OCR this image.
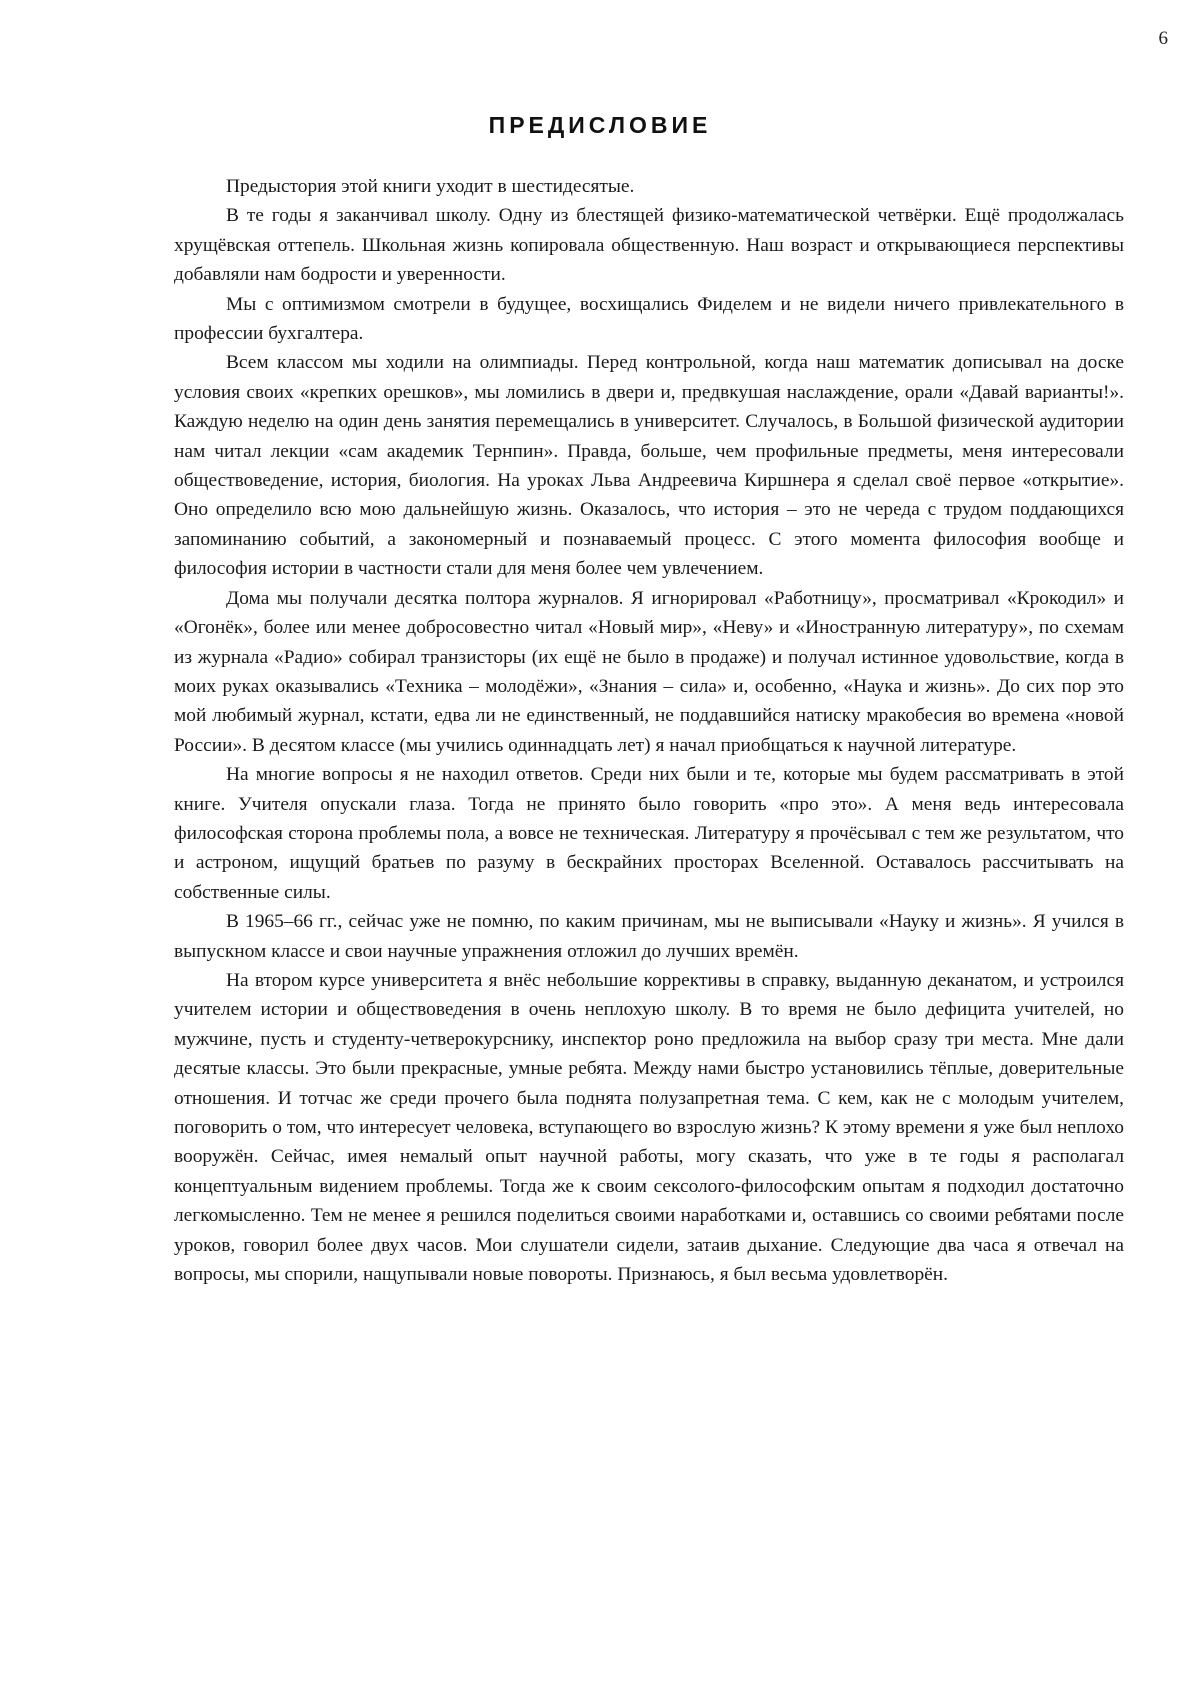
6
ПРЕДИСЛОВИЕ

Предыстория этой книги уходит в шестидесятые.

В те годы я заканчивал школу. Одну из блестящей физико-математической четвёрки. Ещё продолжалась хрущёвская оттепель. Школьная жизнь копировала общественную. Наш возраст и открывающиеся перспективы добавляли нам бодрости и уверенности.

Мы с оптимизмом смотрели в будущее, восхищались Фиделем и не видели ничего привлекательного в профессии бухгалтера.

Всем классом мы ходили на олимпиады. Перед контрольной, когда наш математик дописывал на доске условия своих «крепких орешков», мы ломились в двери и, предвкушая наслаждение, орали «Давай варианты!». Каждую неделю на один день занятия перемещались в университет. Случалось, в Большой физической аудитории нам читал лекции «сам академик Тернпин». Правда, больше, чем профильные предметы, меня интересовали обществоведение, история, биология. На уроках Льва Андреевича Киршнера я сделал своё первое «открытие». Оно определило всю мою дальнейшую жизнь. Оказалось, что история – это не череда с трудом поддающихся запоминанию событий, а закономерный и познаваемый процесс. С этого момента философия вообще и философия истории в частности стали для меня более чем увлечением.

Дома мы получали десятка полтора журналов. Я игнорировал «Работницу», просматривал «Крокодил» и «Огонёк», более или менее добросовестно читал «Новый мир», «Неву» и «Иностранную литературу», по схемам из журнала «Радио» собирал транзисторы (их ещё не было в продаже) и получал истинное удовольствие, когда в моих руках оказывались «Техника – молодёжи», «Знания – сила» и, особенно, «Наука и жизнь». До сих пор это мой любимый журнал, кстати, едва ли не единственный, не поддавшийся натиску мракобесия во времена «новой России». В десятом классе (мы учились одиннадцать лет) я начал приобщаться к научной литературе.

На многие вопросы я не находил ответов. Среди них были и те, которые мы будем рассматривать в этой книге. Учителя опускали глаза. Тогда не принято было говорить «про это». А меня ведь интересовала философская сторона проблемы пола, а вовсе не техническая. Литературу я прочёсывал с тем же результатом, что и астроном, ищущий братьев по разуму в бескрайних просторах Вселенной. Оставалось рассчитывать на собственные силы.

В 1965–66 гг., сейчас уже не помню, по каким причинам, мы не выписывали «Науку и жизнь». Я учился в выпускном классе и свои научные упражнения отложил до лучших времён.

На втором курсе университета я внёс небольшие коррективы в справку, выданную деканатом, и устроился учителем истории и обществоведения в очень неплохую школу. В то время не было дефицита учителей, но мужчине, пусть и студенту-четверокурснику, инспектор роно предложила на выбор сразу три места. Мне дали десятые классы. Это были прекрасные, умные ребята. Между нами быстро установились тёплые, доверительные отношения. И тотчас же среди прочего была поднята полузапретная тема. С кем, как не с молодым учителем, поговорить о том, что интересует человека, вступающего во взрослую жизнь? К этому времени я уже был неплохо вооружён. Сейчас, имея немалый опыт научной работы, могу сказать, что уже в те годы я располагал концептуальным видением проблемы. Тогда же к своим сексолого-философским опытам я подходил достаточно легкомысленно. Тем не менее я решился поделиться своими наработками и, оставшись со своими ребятами после уроков, говорил более двух часов. Мои слушатели сидели, затаив дыхание. Следующие два часа я отвечал на вопросы, мы спорили, нащупывали новые повороты. Признаюсь, я был весьма удовлетворён.
